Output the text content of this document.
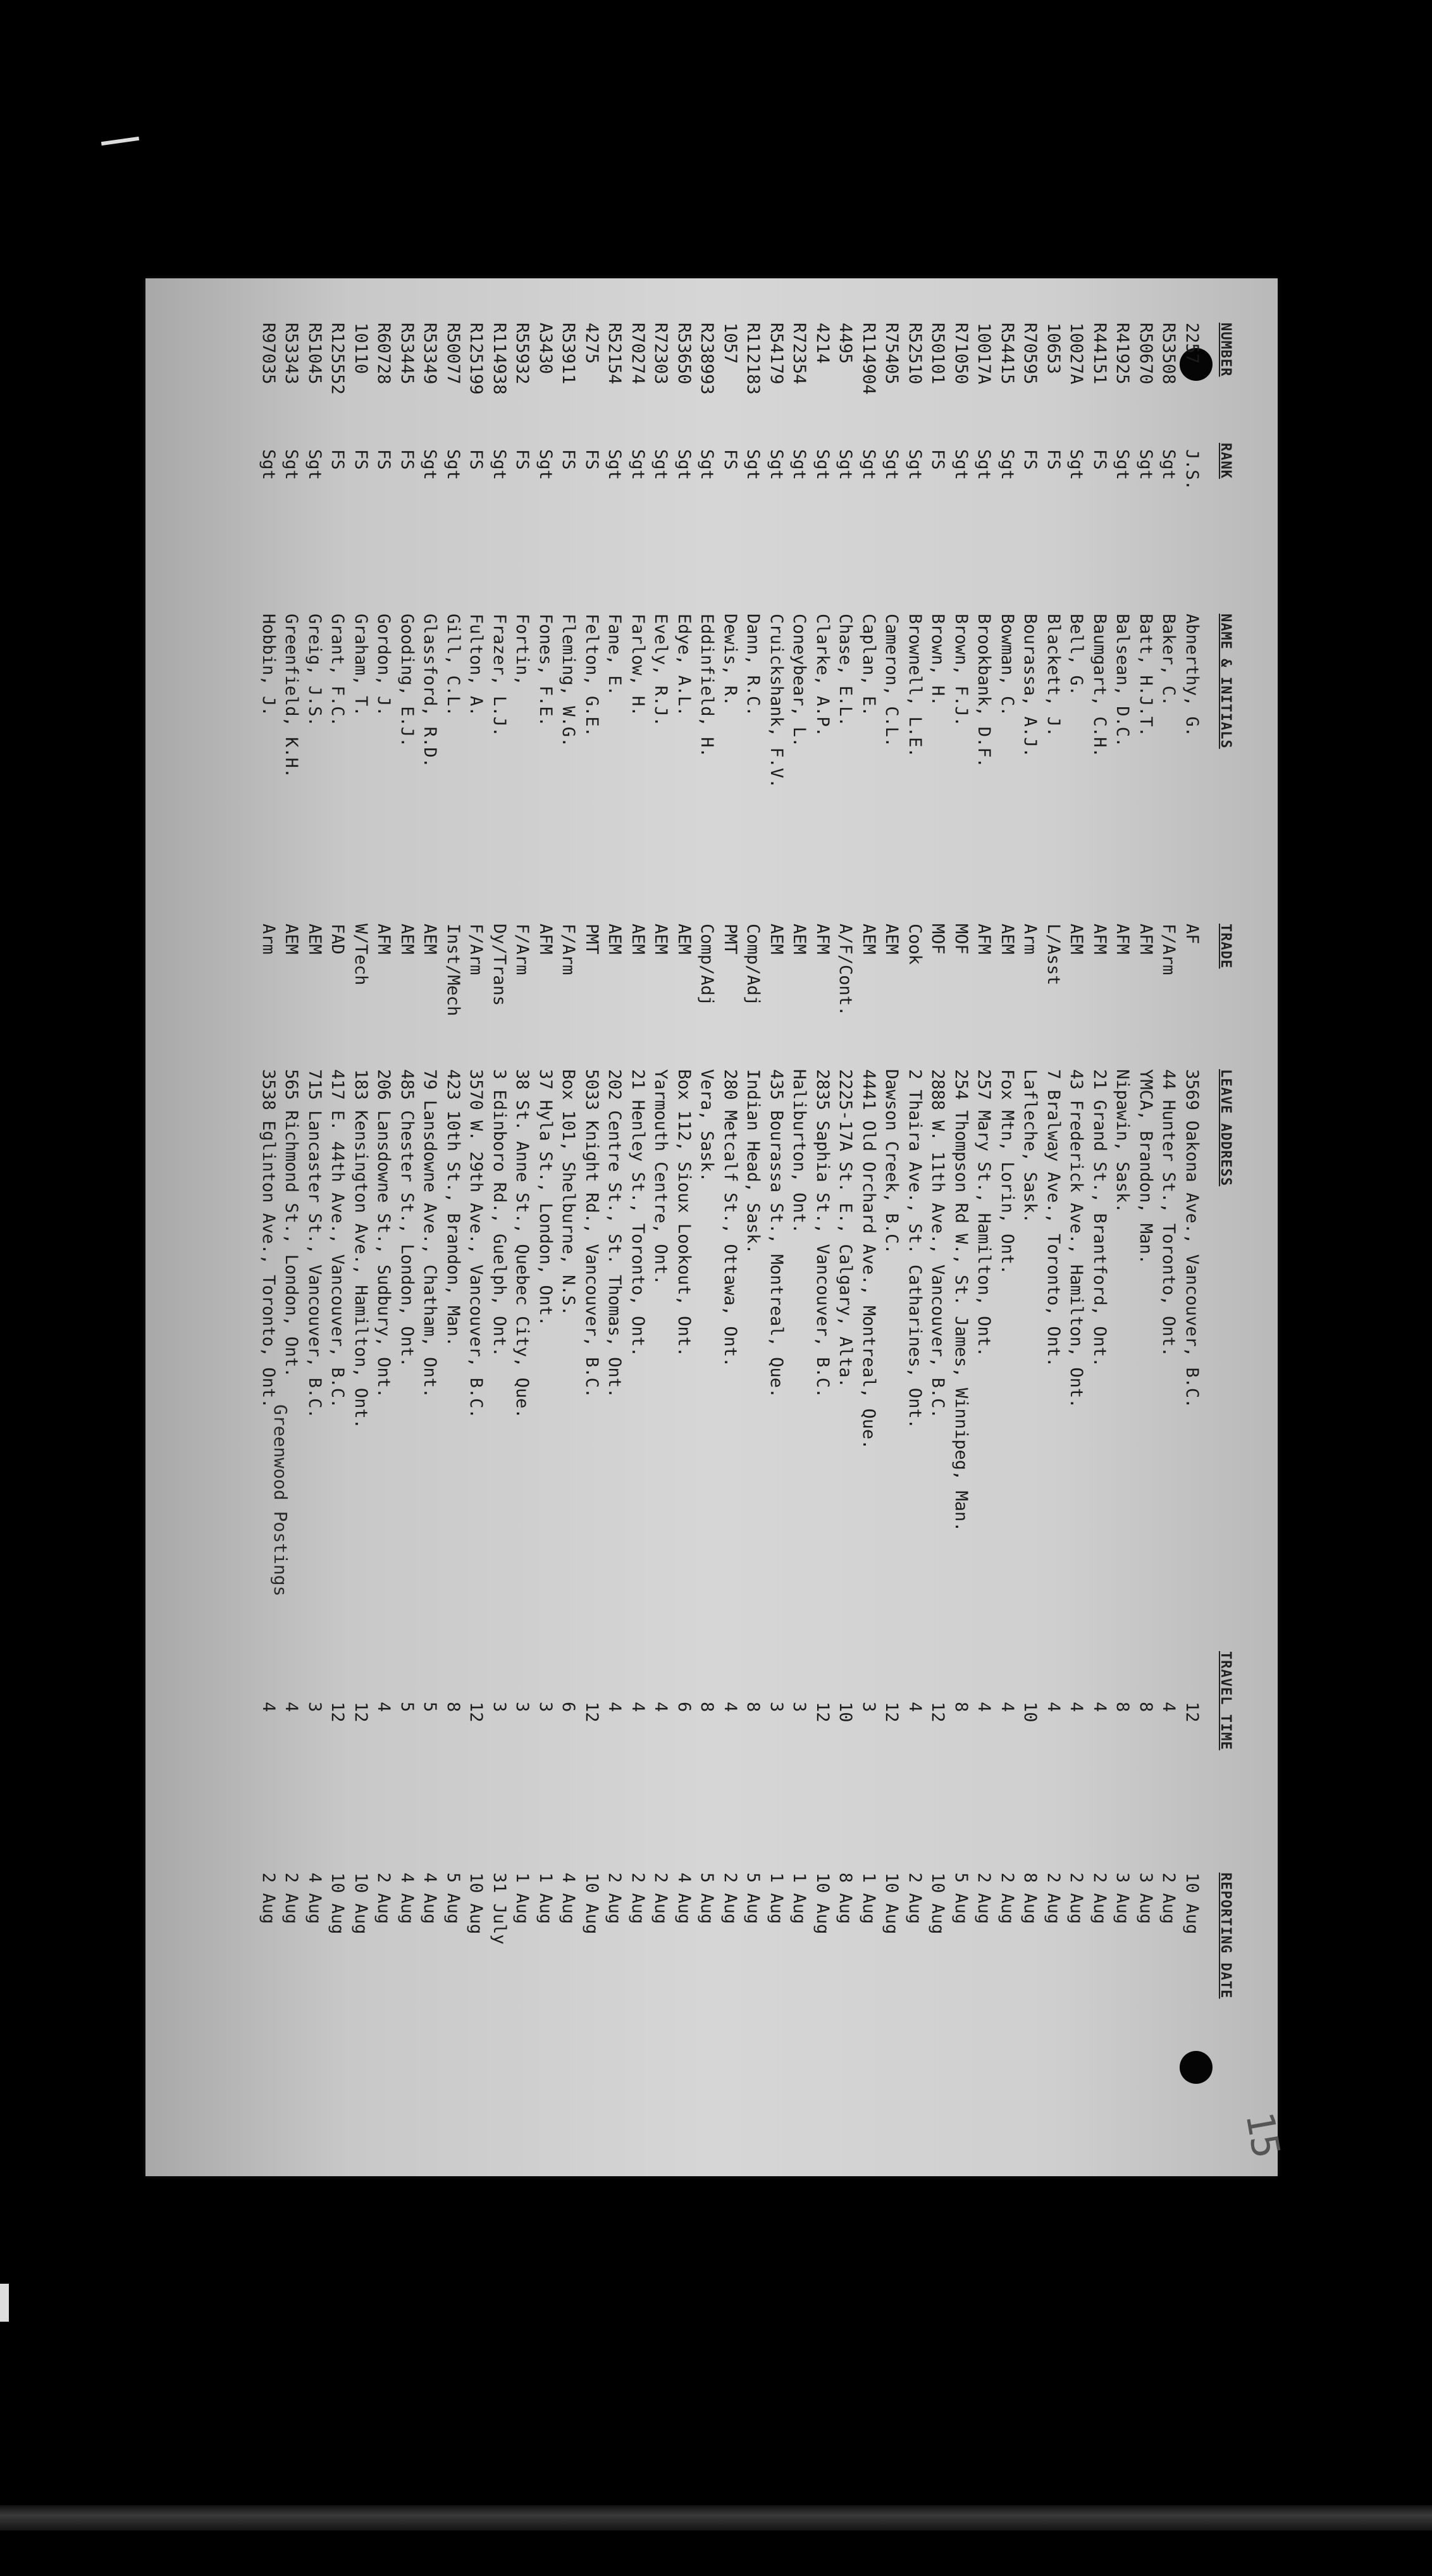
NUMBER
RANK
NAME & INITIALS
TRADE
LEAVE ADDRESS
TRAVEL TIME
REPORTING DATE
2257
J.S.
Abnerthy, G.
AF
3569 Oakona Ave., Vancouver, B.C.
12
10 Aug
R53508
Sgt
Baker, C.
F/Arm
44 Hunter St., Toronto, Ont.
4
2 Aug
R50670
Sgt
Batt, H.J.T.
AFM
YMCA, Brandon, Man.
8
3 Aug
R41925
Sgt
Balsean, D.C.
AFM
Nipawin, Sask.
8
3 Aug
R44151
FS
Baumgart, C.H.
AFM
21 Grand St., Brantford, Ont.
4
2 Aug
10027A
Sgt
Bell, G.
AEM
43 Frederick Ave., Hamilton, Ont.
4
2 Aug
10653
FS
Blackett, J.
L/Asst
7 Bralway Ave., Toronto, Ont.
4
2 Aug
R70595
FS
Bourassa, A.J.
Arm
Lafleche, Sask.
10
8 Aug
R54415
Sgt
Bowman, C.
AEM
Fox Mtn, Lorin, Ont.
4
2 Aug
10017A
Sgt
Brookbank, D.F.
AFM
257 Mary St., Hamilton, Ont.
4
2 Aug
R71050
Sgt
Brown, F.J.
MOF
254 Thompson Rd W., St. James, Winnipeg, Man.
8
5 Aug
R50101
FS
Brown, H.
MOF
2888 W. 11th Ave., Vancouver, B.C.
12
10 Aug
R52510
Sgt
Brownell, L.E.
Cook
2 Thaira Ave., St. Catharines, Ont.
4
2 Aug
R75405
Sgt
Cameron, C.L.
AEM
Dawson Creek, B.C.
12
10 Aug
R114904
Sgt
Caplan, E.
AEM
4441 Old Orchard Ave., Montreal, Que.
3
1 Aug
4495
Sgt
Chase, E.L.
A/F/Cont.
2225-17A St. E., Calgary, Alta.
10
8 Aug
4214
Sgt
Clarke, A.P.
AFM
2835 Saphia St., Vancouver, B.C.
12
10 Aug
R72354
Sgt
Coneybear, L.
AEM
Haliburton, Ont.
3
1 Aug
R54179
Sgt
Cruickshank, F.V.
AEM
435 Bourassa St., Montreal, Que.
3
1 Aug
R112183
Sgt
Dann, R.C.
Comp/Adj
Indian Head, Sask.
8
5 Aug
1057
FS
Dewis, R.
PMT
280 Metcalf St., Ottawa, Ont.
4
2 Aug
R238993
Sgt
Eddinfield, H.
Comp/Adj
Vera, Sask.
8
5 Aug
R53650
Sgt
Edye, A.L.
AEM
Box 112, Sioux Lookout, Ont.
6
4 Aug
R72303
Sgt
Evely, R.J.
AEM
Yarmouth Centre, Ont.
4
2 Aug
R70274
Sgt
Farlow, H.
AEM
21 Henley St., Toronto, Ont.
4
2 Aug
R52154
Sgt
Fane, E.
AEM
202 Centre St., St. Thomas, Ont.
4
2 Aug
4275
FS
Felton, G.E.
PMT
5033 Knight Rd., Vancouver, B.C.
12
10 Aug
R53911
FS
Fleming, W.G.
F/Arm
Box 101, Shelburne, N.S.
6
4 Aug
A3430
Sgt
Fones, F.E.
AFM
37 Hyla St., London, Ont.
3
1 Aug
R55932
FS
Fortin,
F/Arm
38 St. Anne St., Quebec City, Que.
3
1 Aug
R114938
Sgt
Frazer, L.J.
Dy/Trans
3 Edinboro Rd., Guelph, Ont.
3
31 July
R125199
FS
Fulton, A.
F/Arm
3570 W. 29th Ave., Vancouver, B.C.
12
10 Aug
R50077
Sgt
Gill, C.L.
Inst/Mech
423 10th St., Brandon, Man.
8
5 Aug
R53349
Sgt
Glassford, R.D.
AEM
79 Lansdowne Ave., Chatham, Ont.
5
4 Aug
R53445
FS
Gooding, E.J.
AEM
485 Chester St., London, Ont.
5
4 Aug
R60728
FS
Gordon, J.
AFM
206 Lansdowne St., Sudbury, Ont.
4
2 Aug
10110
FS
Graham, T.
W/Tech
183 Kensington Ave., Hamilton, Ont.
12
10 Aug
R125552
FS
Grant, F.C.
FAD
417 E. 44th Ave., Vancouver, B.C.
12
10 Aug
R51045
Sgt
Greig, J.S.
AEM
715 Lancaster St., Vancouver, B.C.
3
4 Aug
R53343
Sgt
Greenfield, K.H.
AEM
565 Richmond St., London, Ont.
4
2 Aug
R97035
Sgt
Hobbin, J.
Arm
3538 Eglinton Ave., Toronto, Ont.
4
2 Aug
Greenwood Postings
15
